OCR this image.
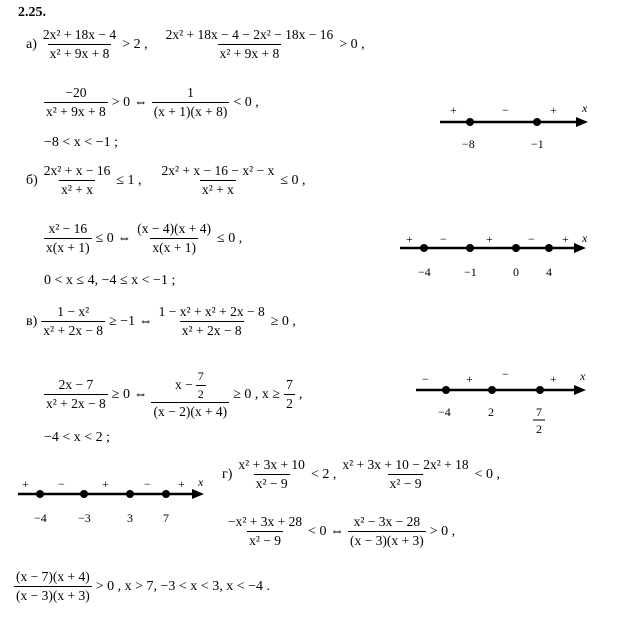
2.25.
$а) \frac{\text{2x² + 18x − 4}}{\text{x² + 9x + 8}} > 2$ , $\frac{\text{2x² + 18x − 4 − 2x² − 18x − 16}}{\text{x² + 9x + 8}} > 0$ ,
$\frac{-20}{\text{x² + 9x + 8}} > 0$ ⇔ $\frac{1}{(x + 1)(x + 8)} < 0$ ,
−8 < x < −1 ;
+	−	+ x
−8	−1
$б) \frac{\text{2x² + x − 16}}{\text{x² + x}} \le 1$ , $\frac{\text{2x² + x − 16 − x² − x}}{\text{x² + x}} \le 0$ ,
$\frac{\text{x² − 16}}{x(x + 1)} \le 0$ ⇔ $\frac{(x - 4)(x + 4)}{x(x + 1)} \le 0$ ,
0 < x ≤ 4, −4 ≤ x < −1 ;
+ −	+	− + x
−4	−1	0 4
$в) \frac{\text{1 − x²}}{\text{x² + 2x − 8}} \ge -1$ ⇔ $\frac{\text{1 − x² + x² + 2x − 8}}{\text{x² + 2x − 8}} \ge 0$ ,
$\frac{2x - 7}{\text{x² + 2x − 8}} \ge 0$ ⇔ $\frac{x - \frac{7}{2}}{(x - 2)(x + 4)} \ge 0$ , $x \ge \frac{7}{2}$ ,
−4 < x < 2 ;
−	+ −	+ x
−4	2	7
2
+ −	+	− + x
−4	−3	3	7
$г) \frac{\text{x² + 3x + 10}}{\text{x² − 9}} < 2$ , $\frac{\text{x² + 3x + 10 − 2x² + 18}}{\text{x² − 9}} < 0$ ,
$\frac{\text{−x² + 3x + 28}}{\text{x² − 9}} < 0$ ⇔ $\frac{\text{x² − 3x − 28}}{(x - 3)(x + 3)} > 0$ ,
$\frac{(x - 7)(x + 4)}{(x - 3)(x + 3)} > 0$ , x > 7, −3 < x < 3, x < −4 .
